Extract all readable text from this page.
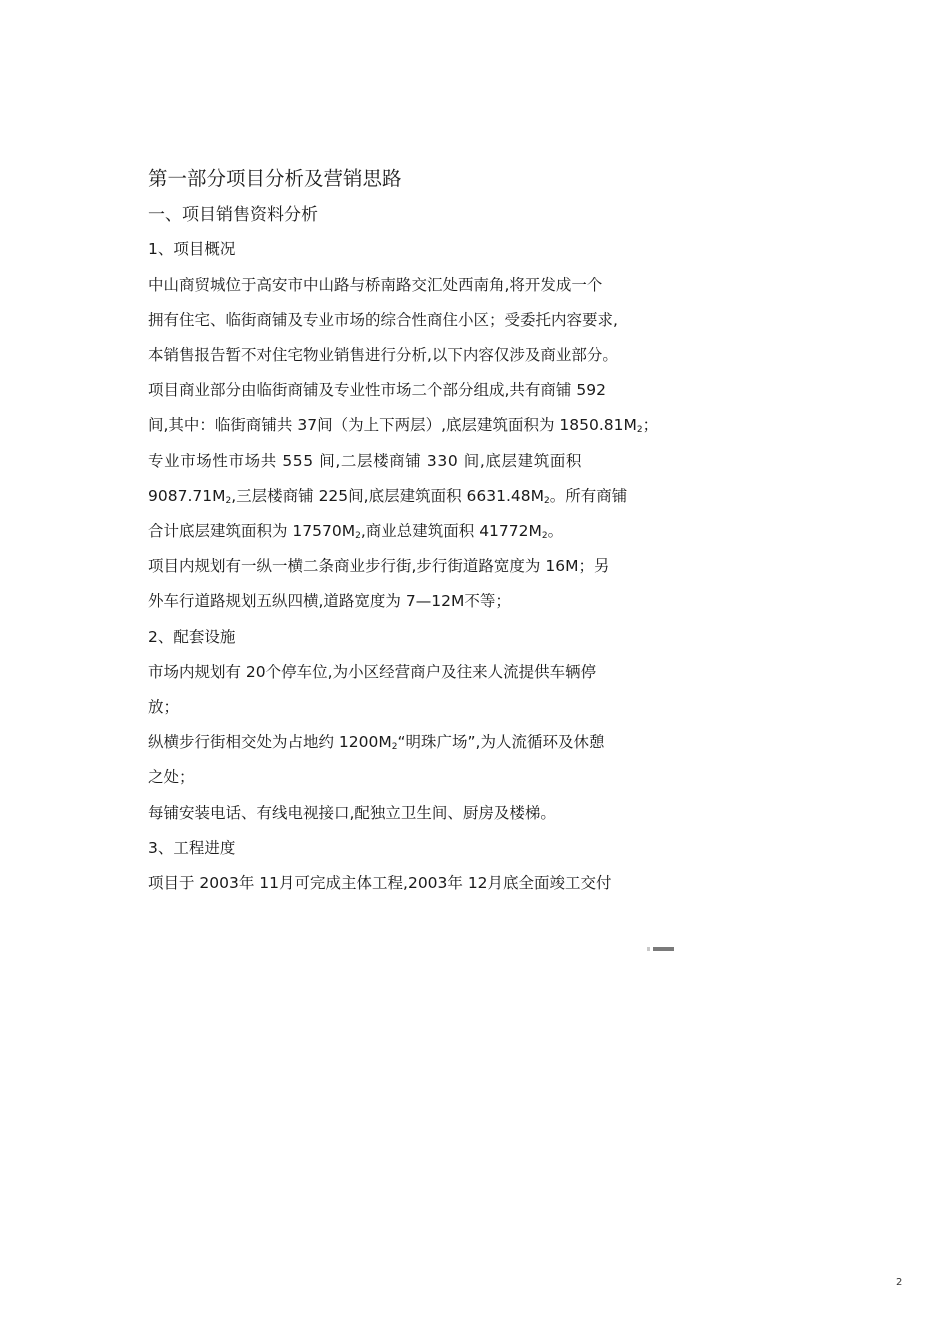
第一部分项目分析及营销思路
一、项目销售资料分析
1、项目概况
中山商贸城位于高安市中山路与桥南路交汇处西南角,将开发成一个
拥有住宅、临街商铺及专业市场的综合性商住小区；受委托内容要求,
本销售报告暂不对住宅物业销售进行分析,以下内容仅涉及商业部分。
项目商业部分由临街商铺及专业性市场二个部分组成,共有商铺 592
间,其中：临街商铺共 37间（为上下两层）,底层建筑面积为 $1850.81M_2$；
专业市场性市场共 555 间,二层楼商铺 330 间,底层建筑面积
$9087.71M_2$,三层楼商铺 225间,底层建筑面积 $6631.48M_2$。所有商铺
合计底层建筑面积为 $17570M_2$,商业总建筑面积 $41772M_2$。
项目内规划有一纵一横二条商业步行街,步行街道路宽度为 16M；另
外车行道路规划五纵四横,道路宽度为 7—12M不等；
2、配套设施
市场内规划有 20个停车位,为小区经营商户及往来人流提供车辆停
放；
纵横步行街相交处为占地约 $1200M_2“$明珠广场”,为人流循环及休憩
之处；
每铺安装电话、有线电视接口,配独立卫生间、厨房及楼梯。
3、工程进度
项目于 2003年 11月可完成主体工程,2003年 12月底全面竣工交付
2
